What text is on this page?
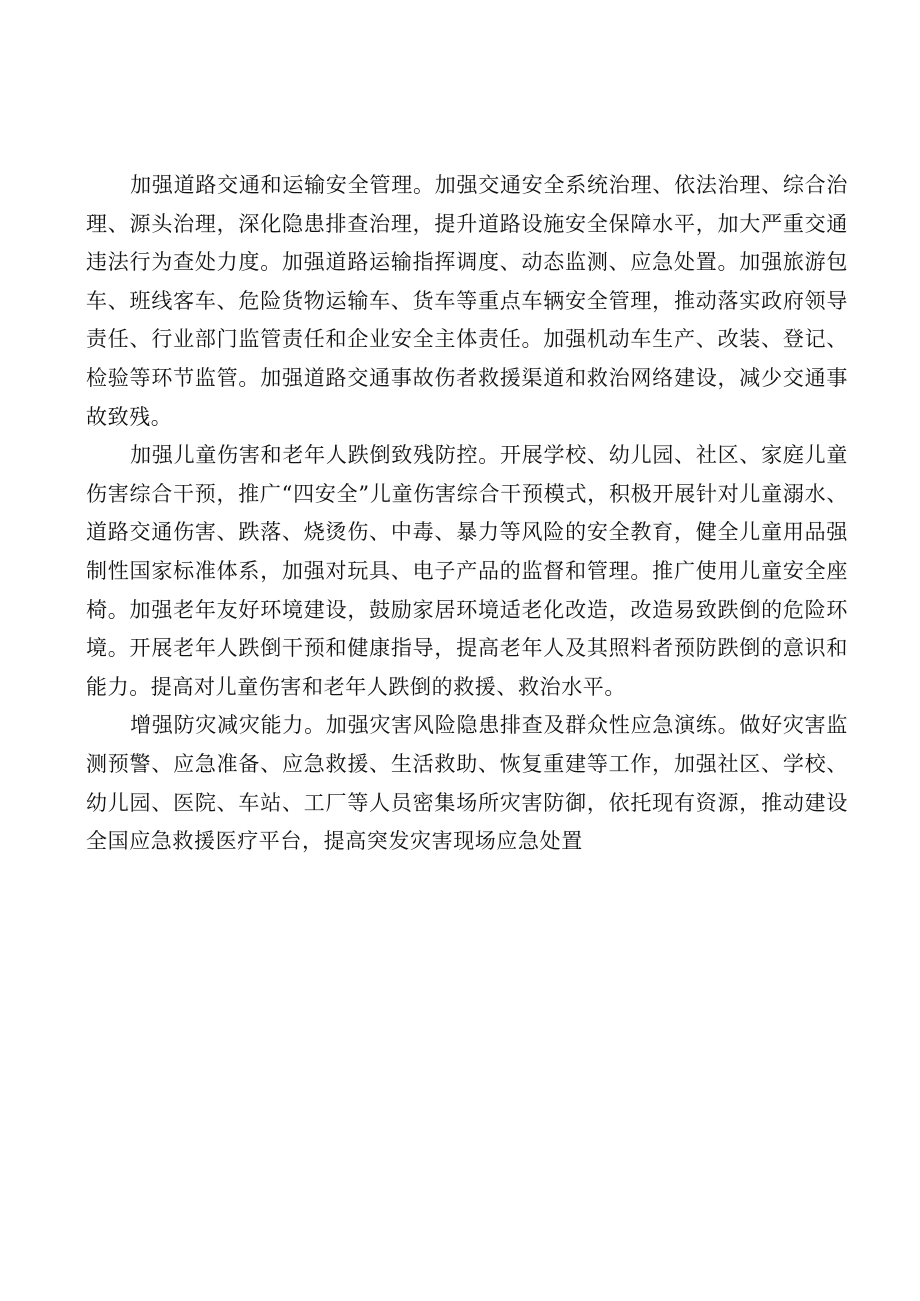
加强道路交通和运输安全管理。加强交通安全系统治理、依法治理、综合治理、源头治理，深化隐患排查治理，提升道路设施安全保障水平，加大严重交通违法行为查处力度。加强道路运输指挥调度、动态监测、应急处置。加强旅游包车、班线客车、危险货物运输车、货车等重点车辆安全管理，推动落实政府领导责任、行业部门监管责任和企业安全主体责任。加强机动车生产、改装、登记、检验等环节监管。加强道路交通事故伤者救援渠道和救治网络建设，减少交通事故致残。

加强儿童伤害和老年人跌倒致残防控。开展学校、幼儿园、社区、家庭儿童伤害综合干预，推广“四安全”儿童伤害综合干预模式，积极开展针对儿童溺水、道路交通伤害、跌落、烧烫伤、中毒、暴力等风险的安全教育，健全儿童用品强制性国家标准体系，加强对玩具、电子产品的监督和管理。推广使用儿童安全座椅。加强老年友好环境建设，鼓励家居环境适老化改造，改造易致跌倒的危险环境。开展老年人跌倒干预和健康指导，提高老年人及其照料者预防跌倒的意识和能力。提高对儿童伤害和老年人跌倒的救援、救治水平。

增强防灾减灾能力。加强灾害风险隐患排查及群众性应急演练。做好灾害监测预警、应急准备、应急救援、生活救助、恢复重建等工作，加强社区、学校、幼儿园、医院、车站、工厂等人员密集场所灾害防御，依托现有资源，推动建设全国应急救援医疗平台，提高突发灾害现场应急处置
